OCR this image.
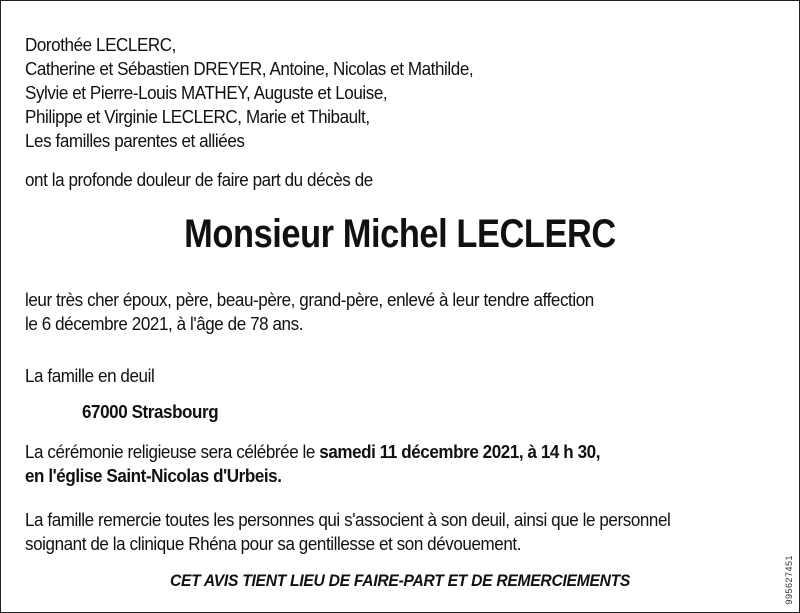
Dorothée LECLERC,
Catherine et Sébastien DREYER, Antoine, Nicolas et Mathilde,
Sylvie et Pierre-Louis MATHEY, Auguste et Louise,
Philippe et Virginie LECLERC, Marie et Thibault,
Les familles parentes et alliées
ont la profonde douleur de faire part du décès de
Monsieur Michel LECLERC
leur très cher époux, père, beau-père, grand-père, enlevé à leur tendre affection
le 6 décembre 2021, à l'âge de 78 ans.
La famille en deuil
67000 Strasbourg
La cérémonie religieuse sera célébrée le samedi 11 décembre 2021, à 14 h 30,
en l'église Saint-Nicolas d'Urbeis.
La famille remercie toutes les personnes qui s'associent à son deuil, ainsi que le personnel
soignant de la clinique Rhéna pour sa gentillesse et son dévouement.
CET AVIS TIENT LIEU DE FAIRE-PART ET DE REMERCIEMENTS	995627451
